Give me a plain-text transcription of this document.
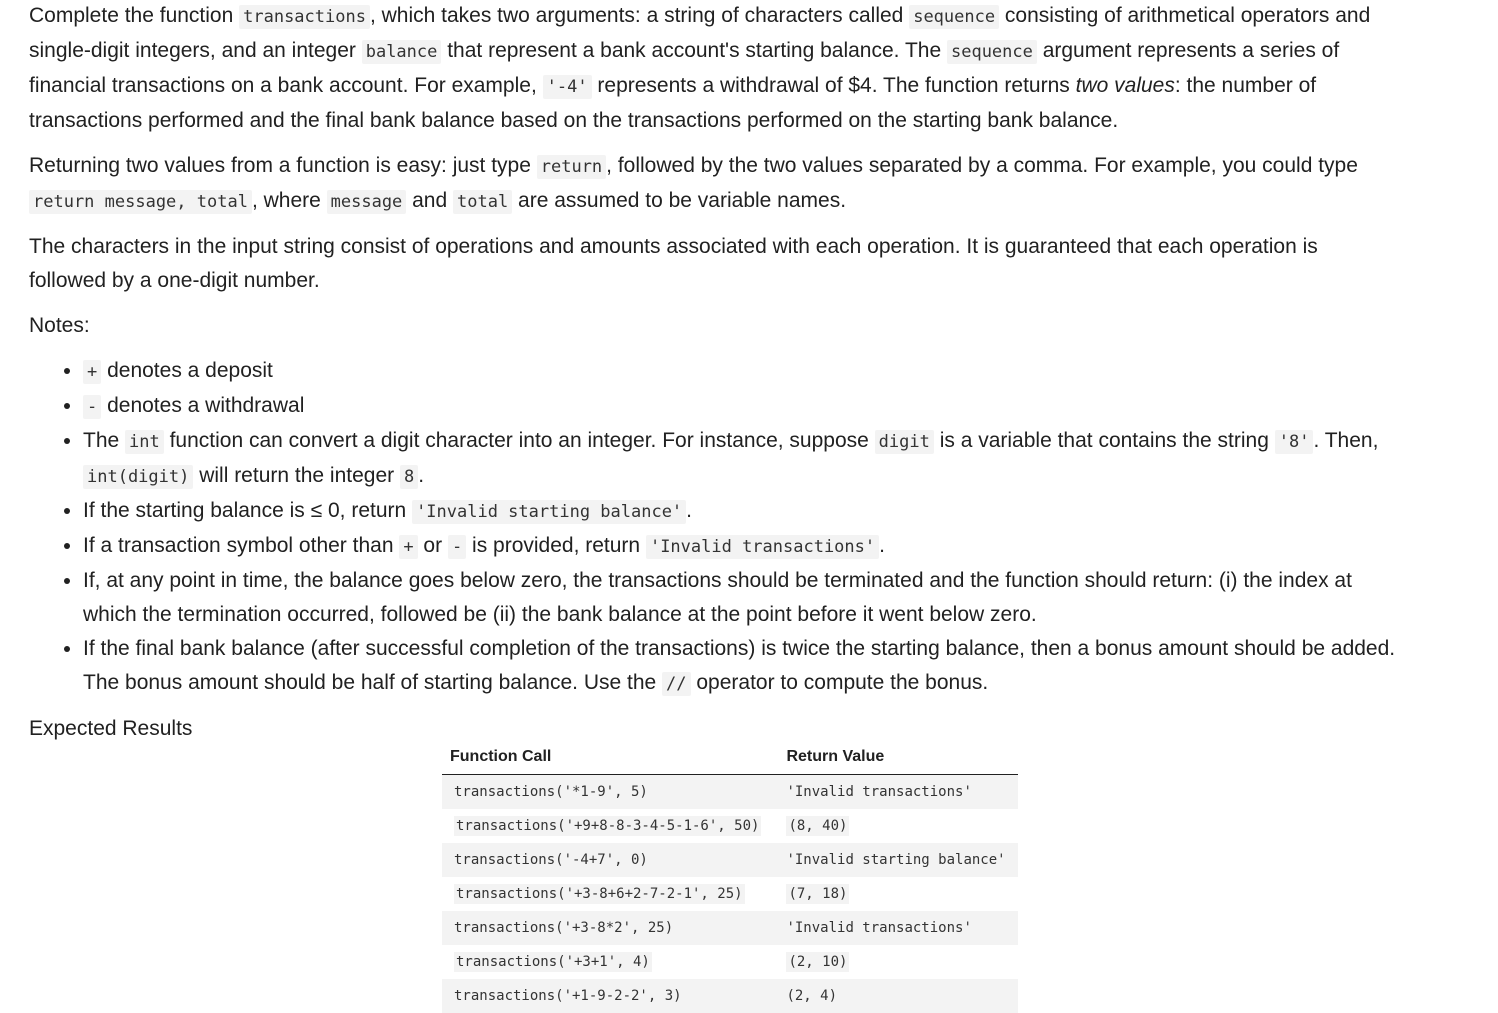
Complete the function transactions , which takes two arguments: a string of characters called sequence consisting of arithmetical operators and single-digit integers, and an integer balance that represent a bank account's starting balance. The sequence argument represents a series of financial transactions on a bank account. For example, '-4' represents a withdrawal of $4. The function returns two values: the number of transactions performed and the final bank balance based on the transactions performed on the starting bank balance.

Returning two values from a function is easy: just type return , followed by the two values separated by a comma. For example, you could type return message, total , where message and total are assumed to be variable names.

The characters in the input string consist of operations and amounts associated with each operation. It is guaranteed that each operation is followed by a one-digit number.

Notes:

• + denotes a deposit
• - denotes a withdrawal
• The int function can convert a digit character into an integer. For instance, suppose digit is a variable that contains the string '8' . Then, int(digit) will return the integer 8 .
• If the starting balance is ≤ 0, return 'Invalid starting balance' .
• If a transaction symbol other than + or - is provided, return 'Invalid transactions' .
• If, at any point in time, the balance goes below zero, the transactions should be terminated and the function should return: (i) the index at which the termination occurred, followed be (ii) the bank balance at the point before it went below zero.
• If the final bank balance (after successful completion of the transactions) is twice the starting balance, then a bonus amount should be added. The bonus amount should be half of starting balance. Use the // operator to compute the bonus.

Expected Results

Function Call	Return Value
transactions('*1-9', 5)	'Invalid transactions'
transactions('+9+8-8-3-4-5-1-6', 50)	(8, 40)
transactions('-4+7', 0)	'Invalid starting balance'
transactions('+3-8+6+2-7-2-1', 25)	(7, 18)
transactions('+3-8*2', 25)	'Invalid transactions'
transactions('+3+1', 4)	(2, 10)
transactions('+1-9-2-2', 3)	(2, 4)
